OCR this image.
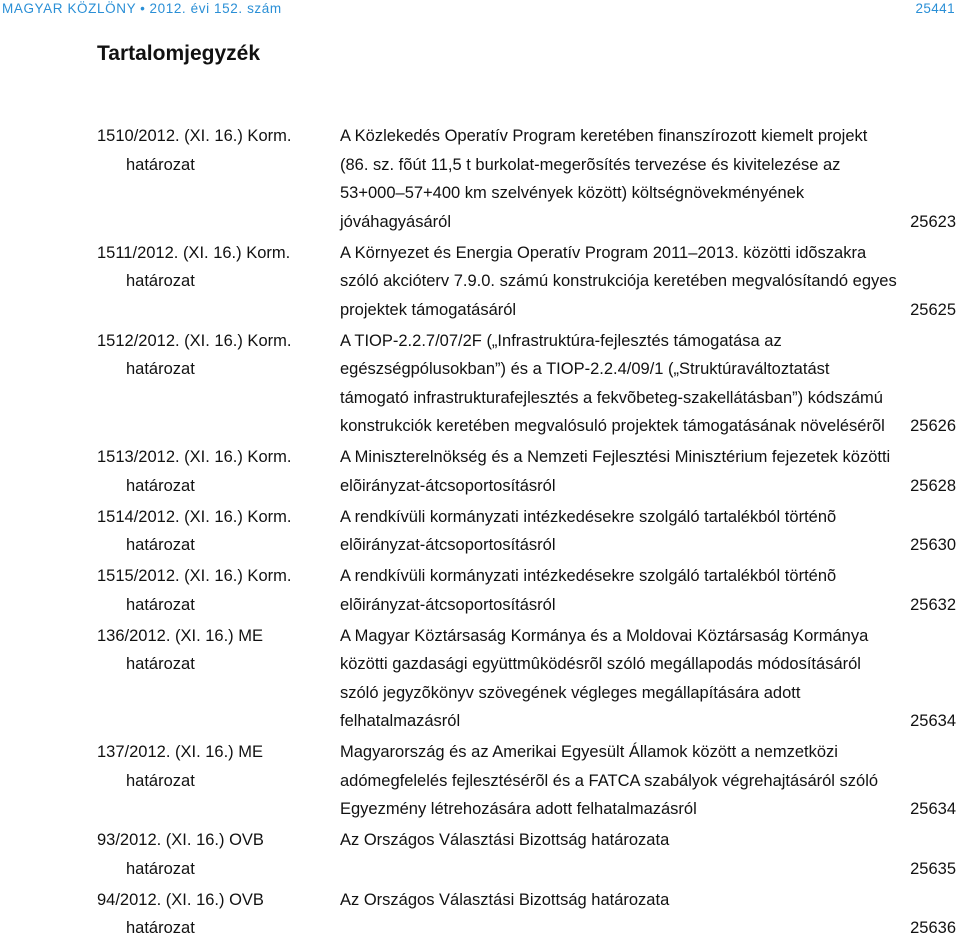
MAGYAR KÖZLÖNY • 2012. évi 152. szám	25441
Tartalomjegyzék
1510/2012. (XI. 16.) Korm.
határozat
A Közlekedés Operatív Program keretében finanszírozott kiemelt projekt (86. sz. fõút 11,5 t burkolat-megerõsítés tervezése és kivitelezése az 53+000–57+400 km szelvények között) költségnövekményének jóváhagyásáról	25623
1511/2012. (XI. 16.) Korm.
határozat
A Környezet és Energia Operatív Program 2011–2013. közötti idõszakra szóló akcióterv 7.9.0. számú konstrukciója keretében megvalósítandó egyes projektek támogatásáról	25625
1512/2012. (XI. 16.) Korm.
határozat
A TIOP-2.2.7/07/2F („Infrastruktúra-fejlesztés támogatása az egészségpólusokban”) és a TIOP-2.2.4/09/1 („Struktúraváltoztatást támogató infrastrukturafejlesztés a fekvõbeteg-szakellátásban”) kódszámú konstrukciók keretében megvalósuló projektek támogatásának növelésérõl	25626
1513/2012. (XI. 16.) Korm.
határozat
A Miniszterelnökség és a Nemzeti Fejlesztési Minisztérium fejezetek közötti elõirányzat-átcsoportosításról	25628
1514/2012. (XI. 16.) Korm.
határozat
A rendkívüli kormányzati intézkedésekre szolgáló tartalékból történõ elõirányzat-átcsoportosításról	25630
1515/2012. (XI. 16.) Korm.
határozat
A rendkívüli kormányzati intézkedésekre szolgáló tartalékból történõ elõirányzat-átcsoportosításról	25632
136/2012. (XI. 16.) ME
határozat
A Magyar Köztársaság Kormánya és a Moldovai Köztársaság Kormánya közötti gazdasági együttmûködésrõl szóló megállapodás módosításáról szóló jegyzõkönyv szövegének végleges megállapítására adott felhatalmazásról	25634
137/2012. (XI. 16.) ME
határozat
Magyarország és az Amerikai Egyesült Államok között a nemzetközi adómegfelelés fejlesztésérõl és a FATCA szabályok végrehajtásáról szóló Egyezmény létrehozására adott felhatalmazásról	25634
93/2012. (XI. 16.) OVB
határozat
Az Országos Választási Bizottság határozata
25635
94/2012. (XI. 16.) OVB
határozat
Az Országos Választási Bizottság határozata
25636
